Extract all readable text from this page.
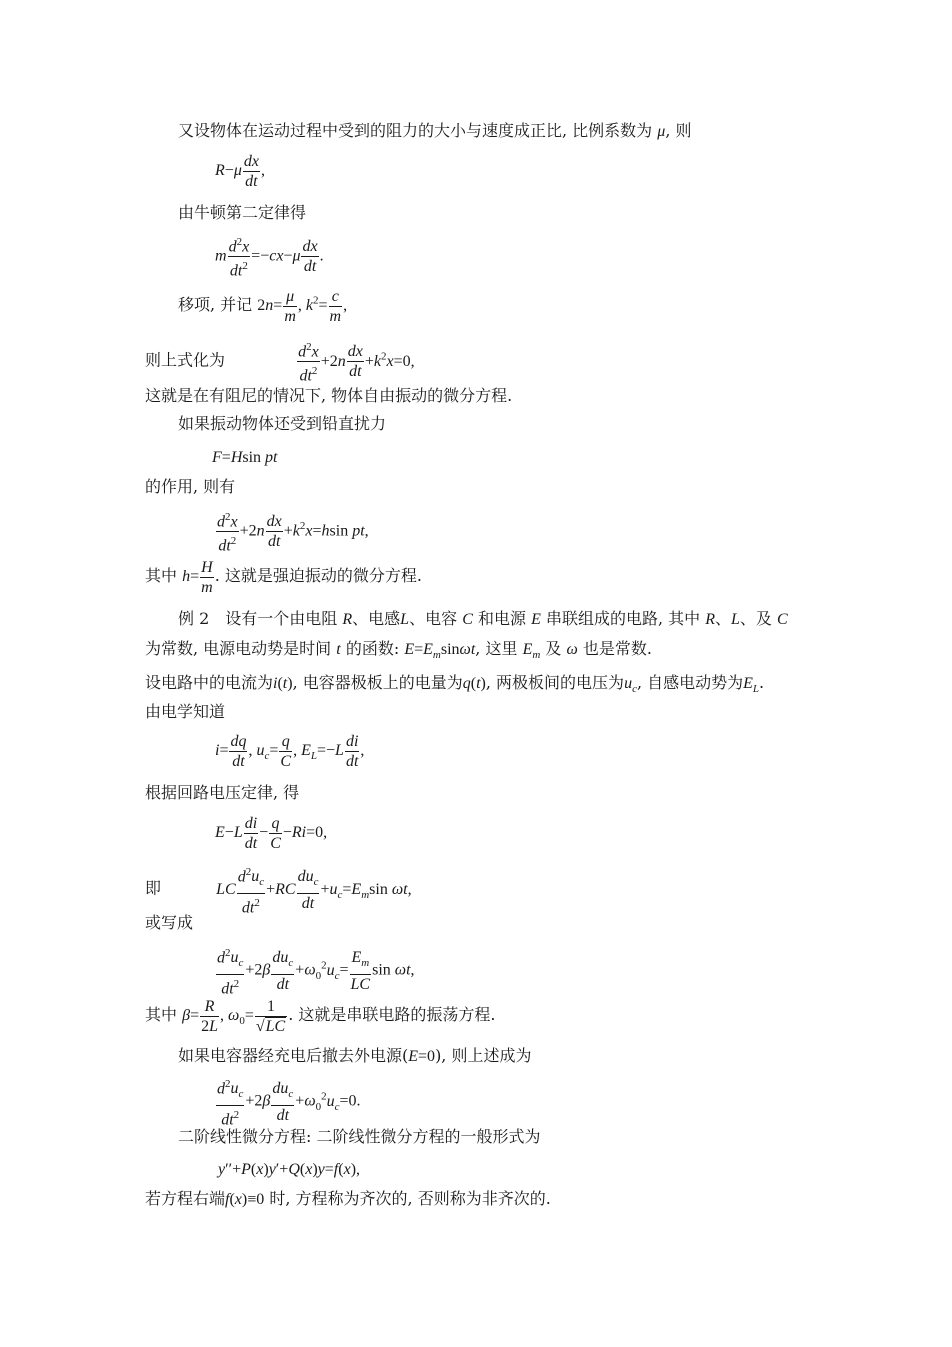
又设物体在运动过程中受到的阻力的大小与速度成正比, 比例系数为 μ, 则
$R-\mu \frac{dx}{dt}$ ,
由牛顿第二定律得
m $\frac{d^2x}{dt^2} =-cx-\mu \frac{dx}{dt}$ .
移项, 并记 $2n= \frac{\mu}{m}$ , $k^2= \frac{c}{m}$ ,
则上式化为	$\frac{d^2x}{dt^2} +2n \frac{dx}{dt} +k^2x=0$,
这就是在有阻尼的情况下, 物体自由振动的微分方程.
如果振动物体还受到铅直扰力
F=Hsin pt
的作用, 则有
$\frac{d^2x}{dt^2} +2n \frac{dx}{dt} +k^2x=hsin$ pt,
其中 $h= \frac{H}{m}$ . 这就是强迫振动的微分方程.
例 2　设有一个由电阻 R、电感L、电容 C 和电源 E 串联组成的电路, 其中 R、L、及 C
为常数, 电源电动势是时间 t 的函数: $E=E_m\sin\omega t$, 这里 $E_m$ 及 ω 也是常数.
设电路中的电流为i(t), 电容器极板上的电量为q(t), 两极板间的电压为$u_c$, 自感电动势为$E_L$.
由电学知道
$i= \frac{dq}{dt}$ , $u_c= \frac{q}{C}$ , $E_L=-L \frac{di}{dt}$ ,
根据回路电压定律, 得
$E-L \frac{di}{dt} - \frac{q}{C} -Ri=0$,
即	LC $\frac{d^2u_c}{dt^2} +RC \frac{du_c}{dt} +u_c=E_m\sin$ ωt,
或写成
$\frac{d^2u_c}{dt^2} +2\beta \frac{du_c}{dt} +\omega_0^2u_c= \frac{E_m}{LC}$ sin ωt,
其中 $\beta= \frac{R}{2L}$ , $\omega_0= \frac{1}{√LC}$ . 这就是串联电路的振荡方程.
如果电容器经充电后撤去外电源(E=0), 则上述成为
$\frac{d^2u_c}{dt^2} +2\beta \frac{du_c}{dt} +\omega_0^2u_c=0$.
二阶线性微分方程: 二阶线性微分方程的一般形式为
y′′+P(x)y′+Q(x)y=f(x),
若方程右端f(x)≡0 时, 方程称为齐次的, 否则称为非齐次的.
